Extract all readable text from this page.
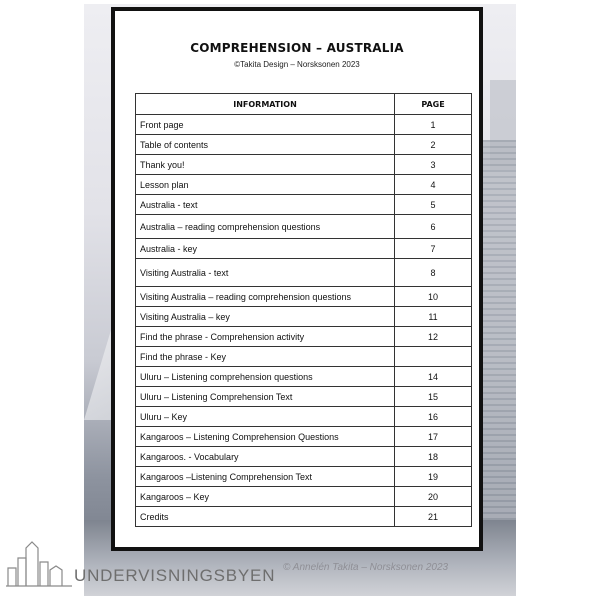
COMPREHENSION – AUSTRALIA
©Takita Design – Norsksonen 2023
INFORMATION	PAGE
Front page	1
Table of contents	2
Thank you!	3
Lesson plan	4
Australia - text	5
Australia – reading comprehension questions	6
Australia - key	7
Visiting Australia - text	8
Visiting Australia – reading comprehension questions	10
Visiting Australia – key	11
Find the phrase - Comprehension activity	12
Find the phrase - Key	
Uluru – Listening comprehension questions	14
Uluru – Listening Comprehension Text	15
Uluru – Key	16
Kangaroos – Listening Comprehension Questions	17
Kangaroos. - Vocabulary	18
Kangaroos –Listening Comprehension Text	19
Kangaroos – Key	20
Credits	21
© Annelén Takita – Norsksonen 2023
UNDERVISNINGSBYEN
